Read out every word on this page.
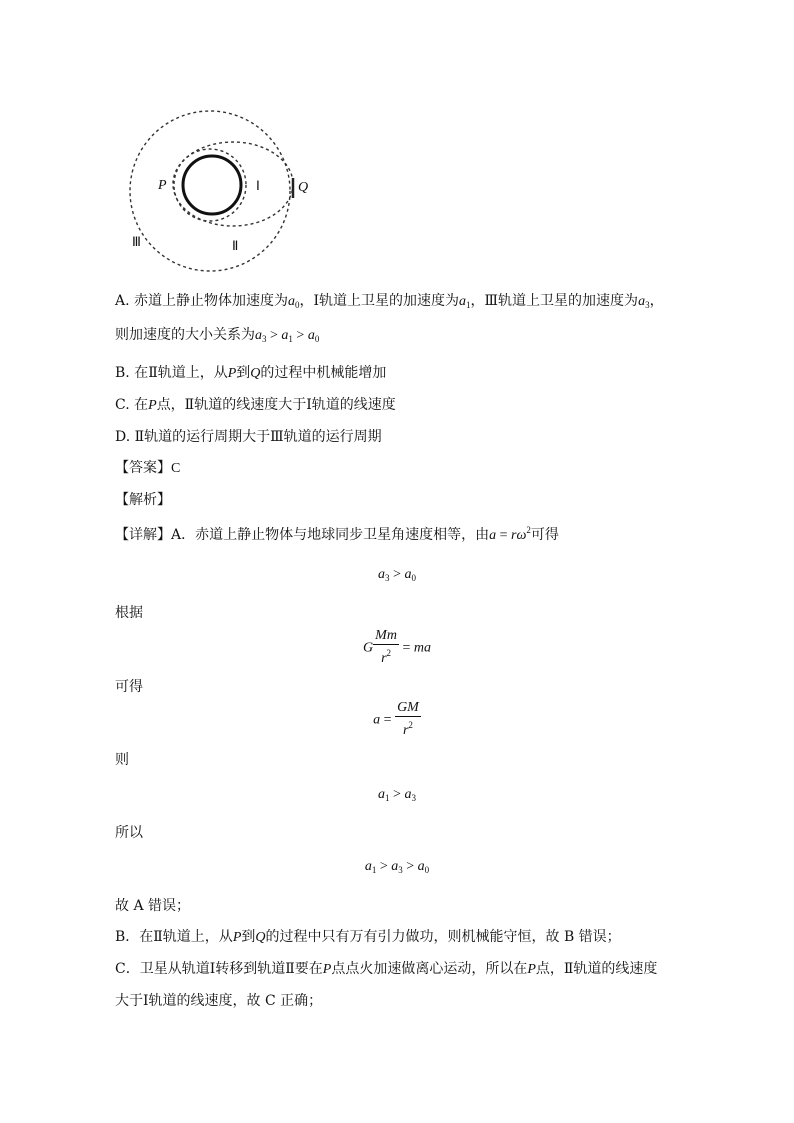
P	Q
Ⅰ
Ⅱ
Ⅲ
A. 赤道上静止物体加速度为$a_0$，Ⅰ轨道上卫星的加速度为$a_1$，Ⅲ轨道上卫星的加速度为$a_3$，
则加速度的大小关系为$a_3 > a_1 > a_0$
B. 在Ⅱ轨道上，从P到Q的过程中机械能增加
C. 在P点，Ⅱ轨道的线速度大于Ⅰ轨道的线速度
D. Ⅱ轨道的运行周期大于Ⅲ轨道的运行周期
【答案】C
【解析】
【详解】A．赤道上静止物体与地球同步卫星角速度相等，由$a = r\omega^2$可得
$a_3 > a_0$
根据
G $\frac{Mm}{r^2}$ = ma
可得
$a = \frac{GM}{r^2}$
则
$a_1 > a_3$
所以
$a_1 > a_3 > a_0$
故 A 错误；
B．在Ⅱ轨道上，从P到Q的过程中只有万有引力做功，则机械能守恒，故 B 错误；
C．卫星从轨道Ⅰ转移到轨道Ⅱ要在P点点火加速做离心运动，所以在P点，Ⅱ轨道的线速度
大于Ⅰ轨道的线速度，故 C 正确；
